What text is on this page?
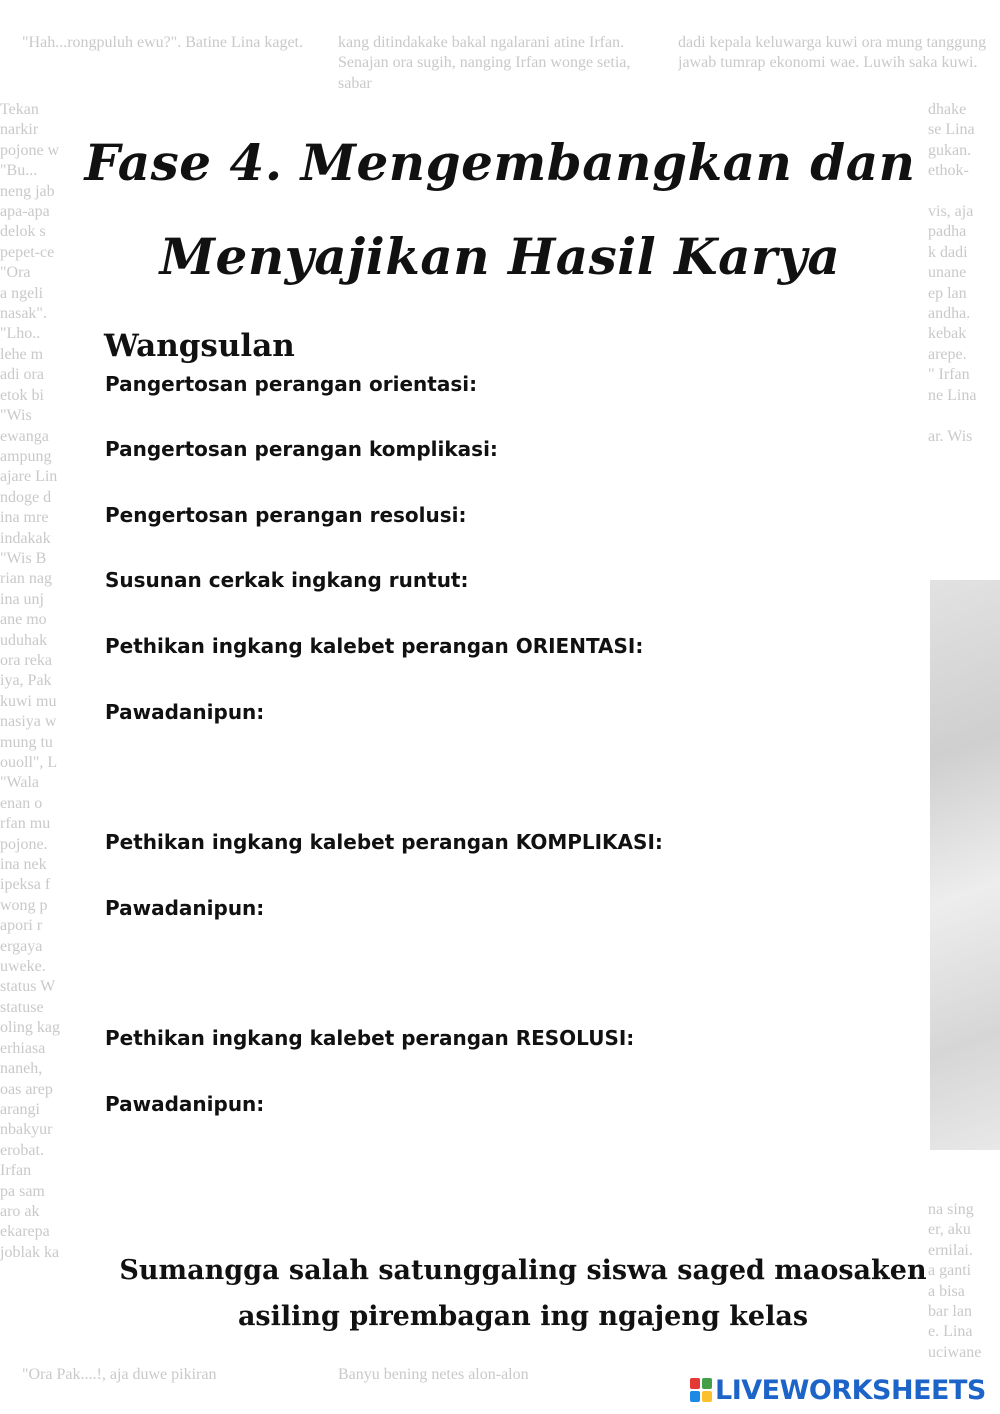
"Hah...rongpuluh ewu?". Batine Lina kaget.	kang ditindakake bakal ngalarani atine Irfan. Senajan ora sugih, nanging Irfan wonge setia, sabar
dadi kepala keluwarga kuwi ora mung tanggung jawab tumrap ekonomi wae. Luwih saka kuwi.
Tekan
narkir
pojone w
"Bu...
neng jab
apa-apa
delok s
pepet-ce
"Ora
a ngeli
nasak".
"Lho..
lehe m
adi ora
etok bi
"Wis
ewanga
ampung
ajare Lin
ndoge d
ina mre
indakak
"Wis B
rian nag
ina unj
ane mo
uduhak
ora reka
iya, Pak
kuwi mu
nasiya w
mung tu
ouoll", L
"Wala
enan o
rfan mu
pojone.
ina nek
ipeksa f
wong p
apori r
ergaya
uweke.
status W
statuse
oling kag
erhiasa
naneh,
oas arep
arangi
nbakyur
erobat.
Irfan
pa sam
aro ak
ekarepa
joblak ka
dhake
se Lina
gukan.
ethok-

vis, aja
padha
k dadi
unane
ep lan
andha.
kebak
arepe.
" Irfan
ne Lina

ar. Wis
na sing
er, aku
ernilai.
a ganti
a bisa
bar lan
e. Lina
uciwane
"Ora Pak....!, aja duwe pikiran	Banyu bening netes alon-alon
Fase 4. Mengembangkan dan
Menyajikan Hasil Karya
Wangsulan
Pangertosan perangan orientasi:
Pangertosan perangan komplikasi:
Pengertosan perangan resolusi:
Susunan cerkak ingkang runtut:
Pethikan ingkang kalebet perangan ORIENTASI:
Pawadanipun:
Pethikan ingkang kalebet perangan KOMPLIKASI:
Pawadanipun:
Pethikan ingkang kalebet perangan RESOLUSI:
Pawadanipun:
Sumangga salah satunggaling siswa saged maosaken
asiling pirembagan ing ngajeng kelas
LIVEWORKSHEETS
